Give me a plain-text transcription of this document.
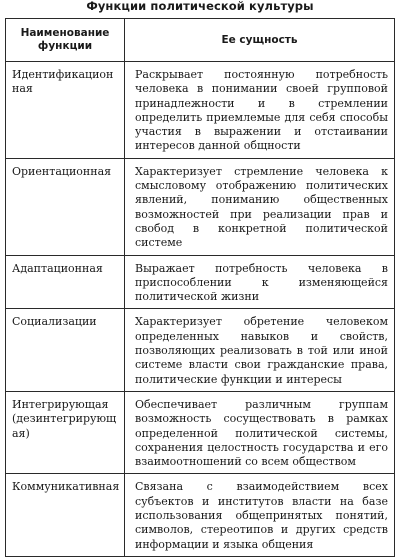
Функции политической культуры
Наименование функции	Ее сущность
Идентификационная	Раскрывает постоянную потребность человека в понимании своей групповой принадлежности и в стремлении определить приемлемые для себя способы участия в выражении и отстаивании интересов данной общности
Ориентационная	Характеризует стремление человека к смысловому отображению политических явлений, пониманию общественных возможностей при реализации прав и свобод в конкретной политической системе
Адаптационная	Выражает потребность человека в приспособлении к изменяющейся политической жизни
Социализации	Характеризует обретение человеком определенных навыков и свойств, позволяющих реализовать в той или иной системе власти свои гражданские права, политические функции и интересы
Интегрирующая (дезинтегрирующая)	Обеспечивает различным группам возможность сосуществовать в рамках определенной политической системы, сохранения целостность государства и его взаимоотношений со всем обществом
Коммуникативная	Связана с взаимодействием всех субъектов и институтов власти на базе использования общепринятых понятий, символов, стереотипов и других средств информации и языка общения
